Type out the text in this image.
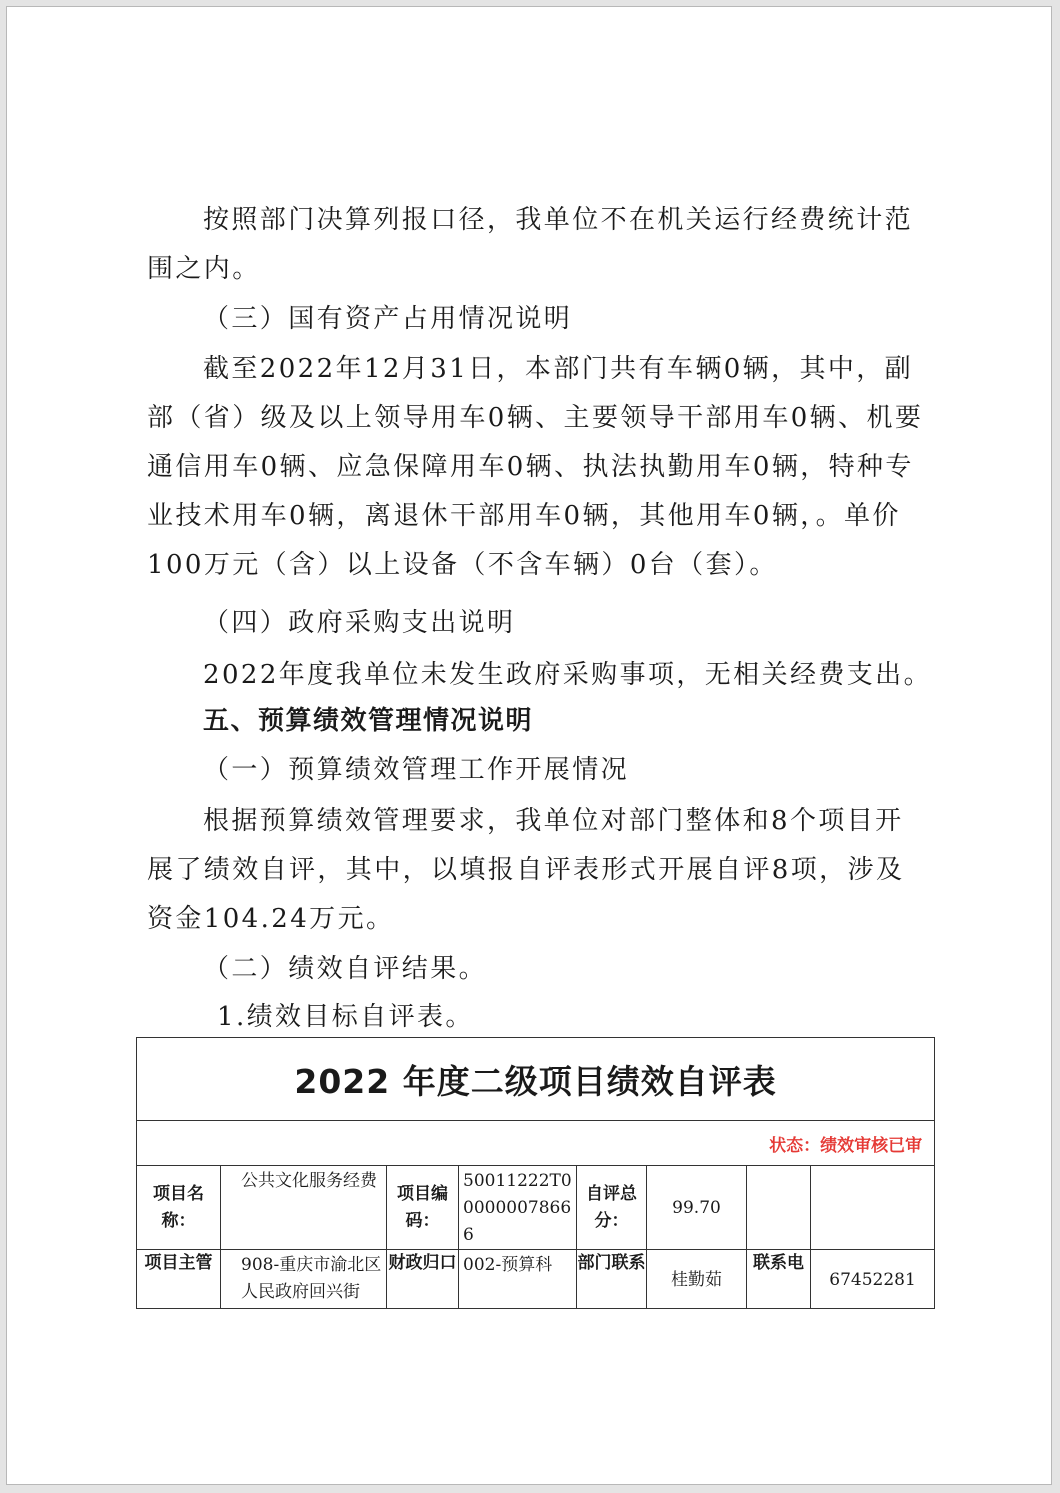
按照部门决算列报口径，我单位不在机关运行经费统计范围之内。

（三）国有资产占用情况说明

截至2022年12月31日，本部门共有车辆0辆，其中，副部（省）级及以上领导用车0辆、主要领导干部用车0辆、机要通信用车0辆、应急保障用车0辆、执法执勤用车0辆，特种专业技术用车0辆，离退休干部用车0辆，其他用车0辆，。单价100万元（含）以上设备（不含车辆）0台（套）。

（四）政府采购支出说明

2022年度我单位未发生政府采购事项，无相关经费支出。

五、预算绩效管理情况说明

（一）预算绩效管理工作开展情况

根据预算绩效管理要求，我单位对部门整体和8个项目开展了绩效自评，其中，以填报自评表形式开展自评8项，涉及资金104.24万元。

（二）绩效自评结果。

1.绩效目标自评表。

2022 年度二级项目绩效自评表							
状态：绩效审核已审							
项目名称：	公共文化服务经费	项目编码：	50011222T000000078666	自评总分：	99.70		
项目主管	908-重庆市渝北区人民政府回兴街	财政归口	002-预算科	部门联系	桂勤茹	联系电	67452281
